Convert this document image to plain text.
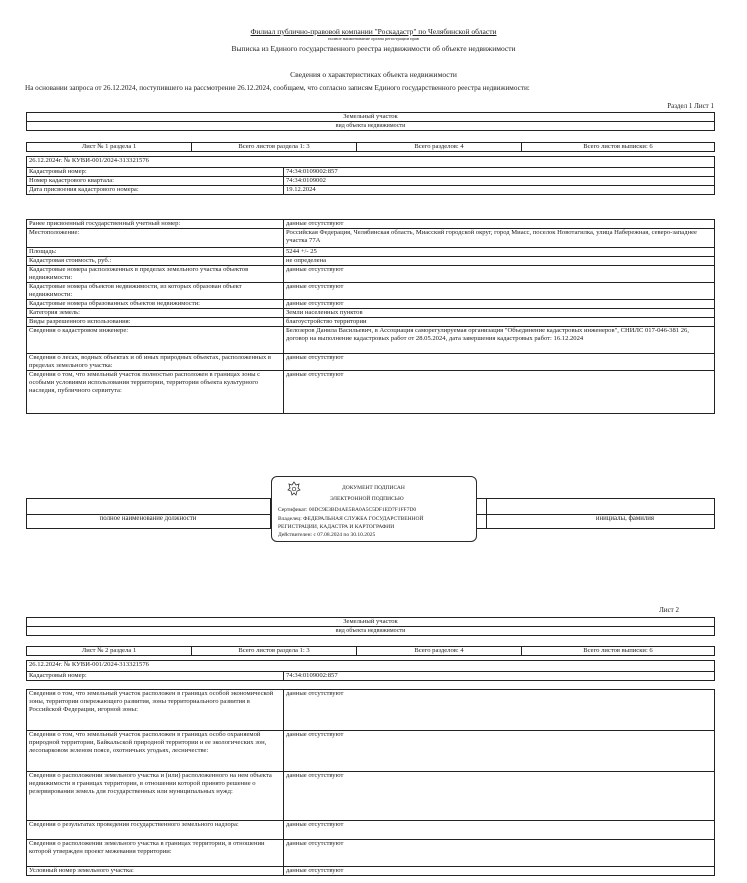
Филиал публично-правовой компании "Роскадастр" по Челябинской области
полное наименование органа регистрации прав
Выписка из Единого государственного реестра недвижимости об объекте недвижимости
Сведения о характеристиках объекта недвижимости
На основании запроса от 26.12.2024, поступившего на рассмотрение 26.12.2024, сообщаем, что согласно записям Единого государственного реестра недвижимости:
Раздел 1 Лист 1
Земельный участок
вид объекта недвижимости
Лист № 1 раздела 1	Всего листов раздела 1: 3	Всего разделов: 4	Всего листов выписки: 6
26.12.2024г. № КУВИ-001/2024-313321576	
Кадастровый номер:	74:34:0109002:857
Номер кадастрового квартала:	74:34:0109002
Дата присвоения кадастрового номера:	19.12.2024
Ранее присвоенный государственный учетный номер:	данные отсутствуют
Местоположение:	Российская Федерация, Челябинская область, Миасский городской округ, город Миасс, поселок Новотагилка, улица Набережная, северо-западнее участка 77А
Площадь:	5244 +/- 25
Кадастровая стоимость, руб.:	не определена
Кадастровые номера расположенных в пределах земельного участка объектов недвижимости:	данные отсутствуют
Кадастровые номера объектов недвижимости, из которых образован объект недвижимости:	данные отсутствуют
Кадастровые номера образованных объектов недвижимости:	данные отсутствуют
Категория земель:	Земли населенных пунктов
Виды разрешенного использования:	благоустройство территории
Сведения о кадастровом инженере:	Белозеров Данила Васильевич, в Ассоциация саморегулируемая организация "Объединение кадастровых инженеров", СНИЛС 017-046-381 26, договор на выполнение кадастровых работ от 28.05.2024, дата завершения кадастровых работ: 16.12.2024
Сведения о лесах, водных объектах и об иных природных объектах, расположенных в пределах земельного участка:	данные отсутствуют
Сведения о том, что земельный участок полностью расположен в границах зоны с особыми условиями использования территории, территории объекта культурного наследия, публичного сервитута:	данные отсутствуют
полное наименование должности	инициалы, фамилия
ДОКУМЕНТ ПОДПИСАН
ЭЛЕКТРОННОЙ ПОДПИСЬЮ
Сертификат: 00DC9E3BD4AE5BA0A5C5DF1ED7F1FF7D0
Владелец: ФЕДЕРАЛЬНАЯ СЛУЖБА ГОСУДАРСТВЕННОЙ
РЕГИСТРАЦИИ, КАДАСТРА И КАРТОГРАФИИ
Действителен: с 07.08.2024 по 30.10.2025
Лист 2
Земельный участок
вид объекта недвижимости
Лист № 2 раздела 1	Всего листов раздела 1: 3	Всего разделов: 4	Всего листов выписки: 6
26.12.2024г. № КУВИ-001/2024-313321576
Кадастровый номер:	74:34:0109002:857
Сведения о том, что земельный участок расположен в границах особой экономической зоны, территории опережающего развития, зоны территориального развития в Российской Федерации, игорной зоны:	данные отсутствуют
Сведения о том, что земельный участок расположен в границах особо охраняемой природной территории, Байкальской природной территории и ее экологических зон, лесопарковом зеленом поясе, охотничьих угодьях, лесничестве:	данные отсутствуют
Сведения о расположении земельного участка и (или) расположенного на нем объекта недвижимости в границах территории, в отношении которой принято решение о резервировании земель для государственных или муниципальных нужд:	данные отсутствуют
Сведения о результатах проведения государственного земельного надзора:	данные отсутствуют
Сведения о расположении земельного участка в границах территории, в отношении которой утвержден проект межевания территории:	данные отсутствуют
Условный номер земельного участка:	данные отсутствуют
